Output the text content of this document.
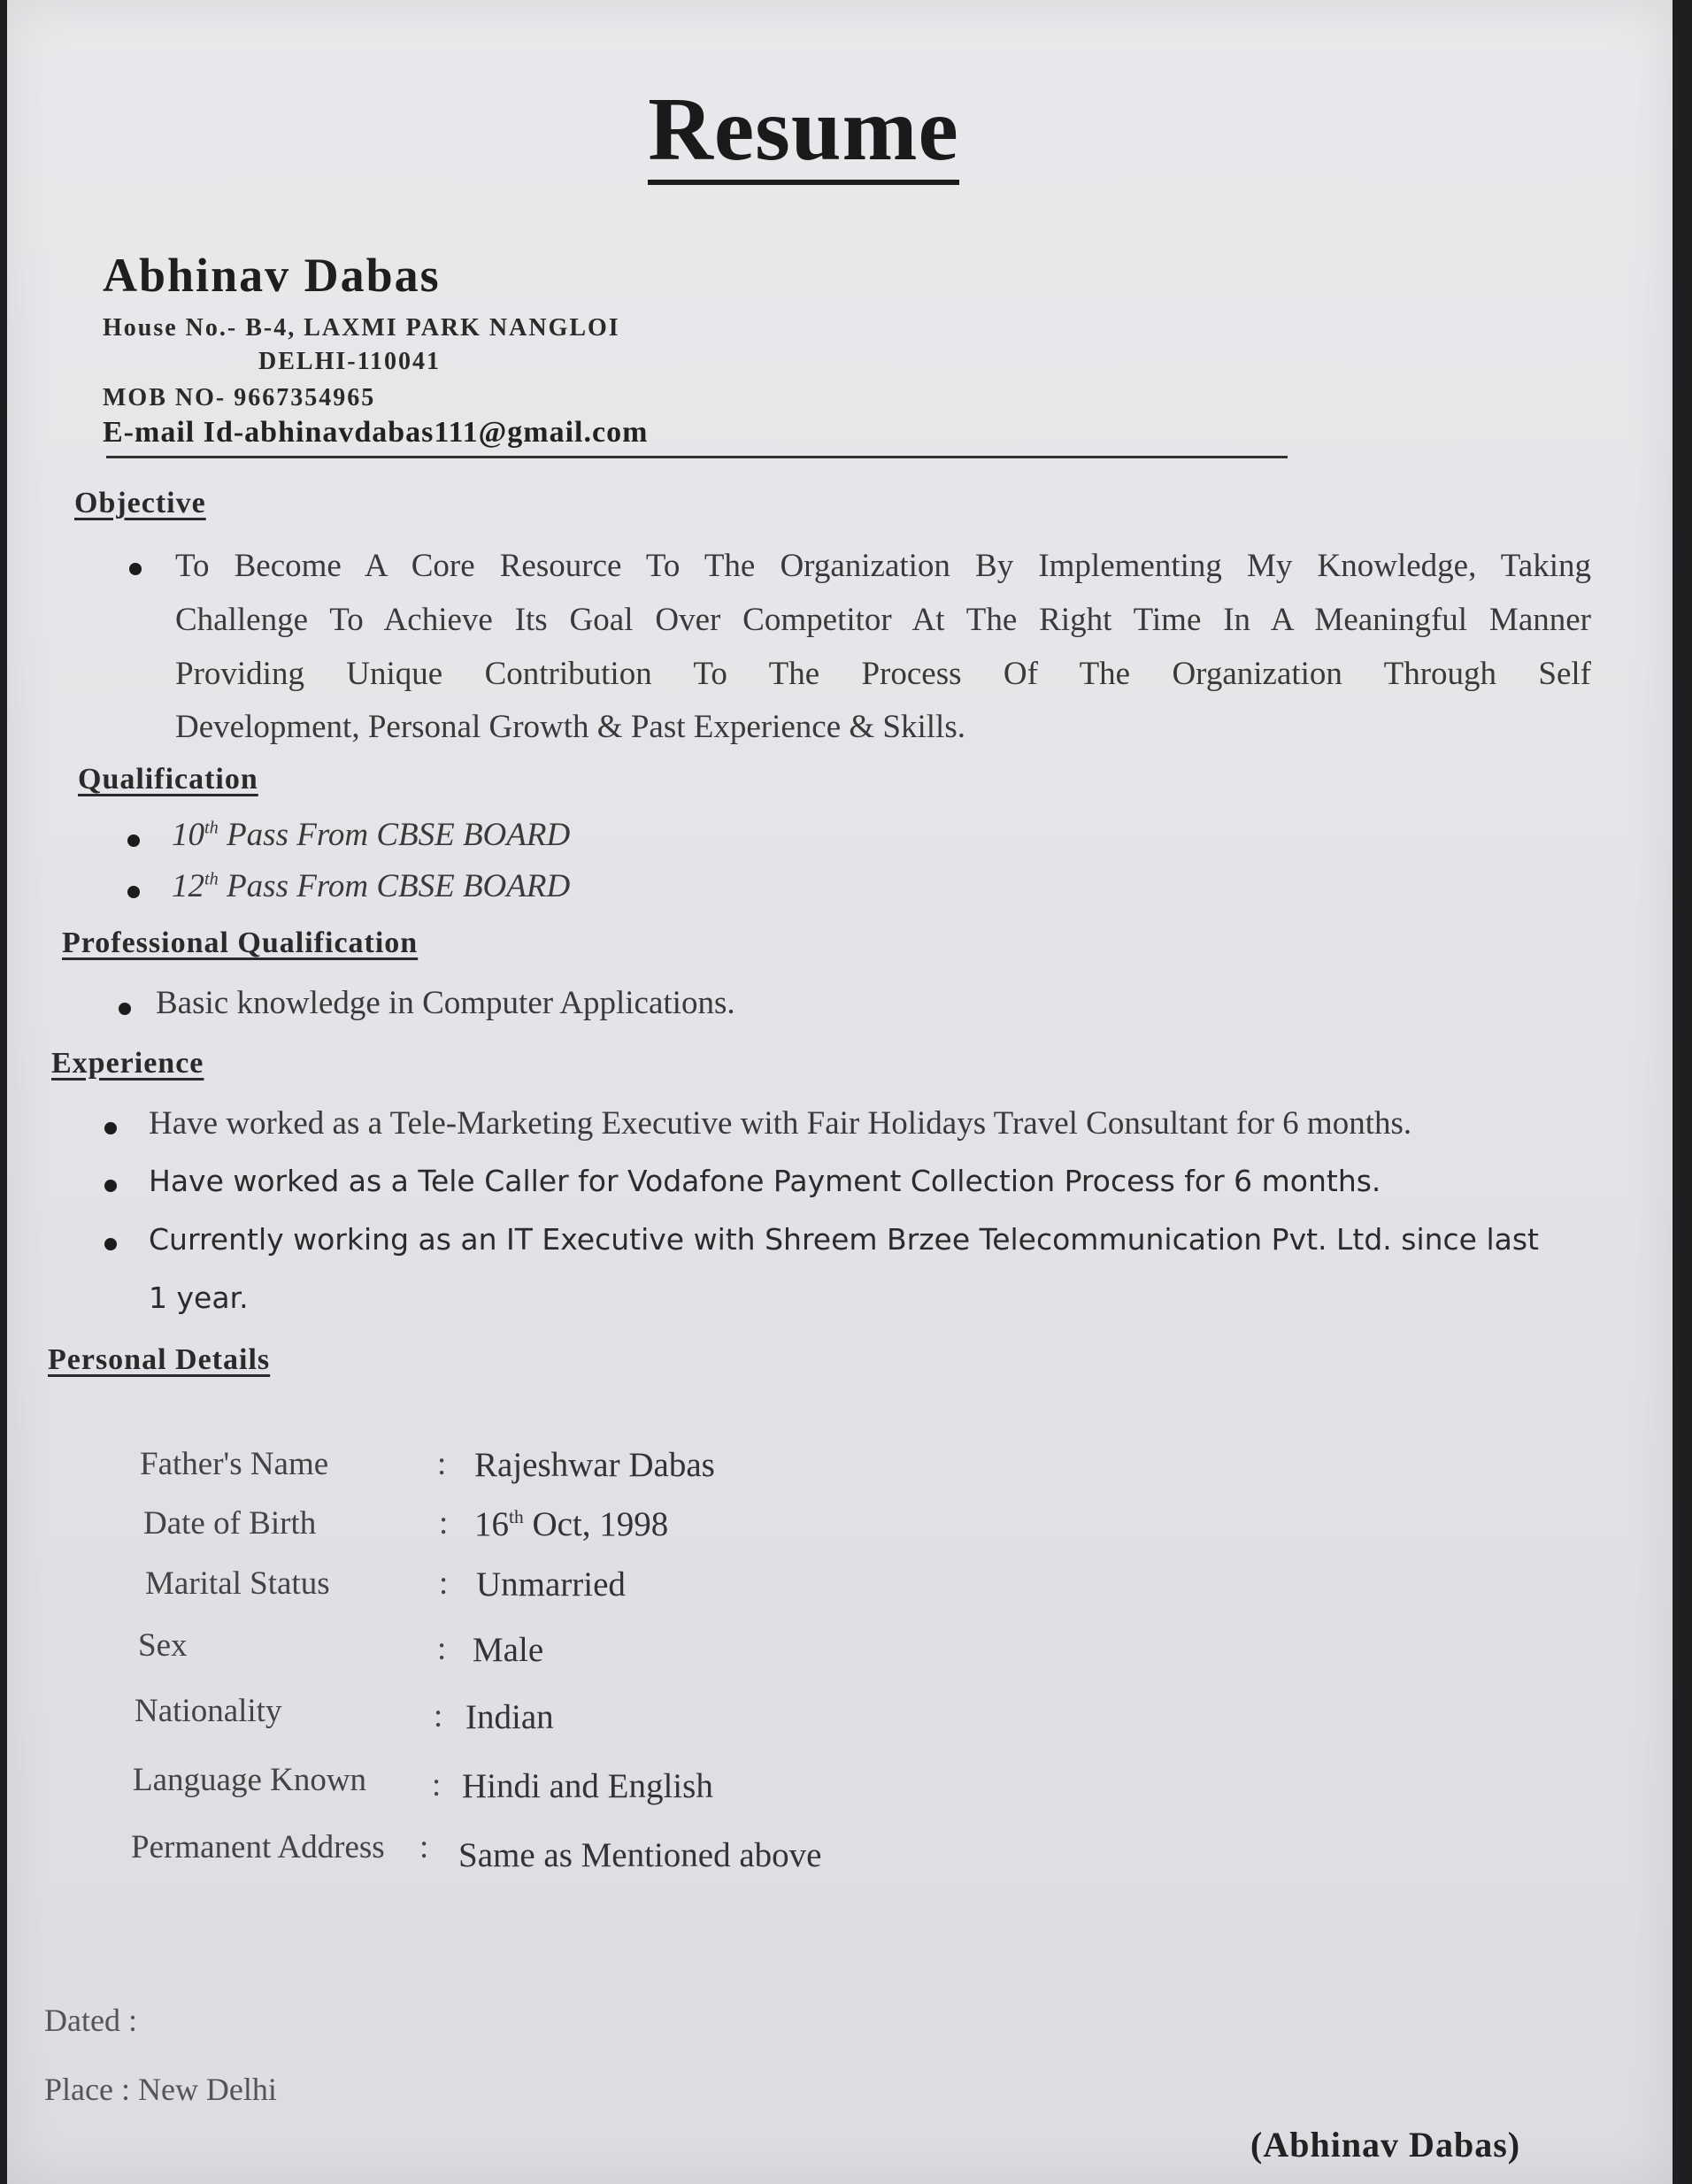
Resume
Abhinav Dabas
House No.- B-4, LAXMI PARK NANGLOI
DELHI-110041
MOB NO- 9667354965
E-mail Id-abhinavdabas111@gmail.com
Objective
To Become A Core Resource To The Organization By Implementing My Knowledge, Taking
Challenge To Achieve Its Goal Over Competitor At The Right Time In A Meaningful Manner
Providing Unique Contribution To The Process Of The Organization Through Self
Development, Personal Growth & Past Experience & Skills.
Qualification
10th Pass From CBSE BOARD
12th Pass From CBSE BOARD
Professional Qualification
Basic knowledge in Computer Applications.
Experience
Have worked as a Tele-Marketing Executive with Fair Holidays Travel Consultant for 6 months.
Have worked as a Tele Caller for Vodafone Payment Collection Process for 6 months.
Currently working as an IT Executive with Shreem Brzee Telecommunication Pvt. Ltd. since last
1 year.
Personal Details
Father's Name	: Rajeshwar Dabas
Date of Birth	: 16th Oct, 1998
Marital Status	: Unmarried
Sex	: Male
Nationality	: Indian
Language Known : Hindi and English
Permanent Address : Same as Mentioned above
Dated :
Place : New Delhi
(Abhinav Dabas)
